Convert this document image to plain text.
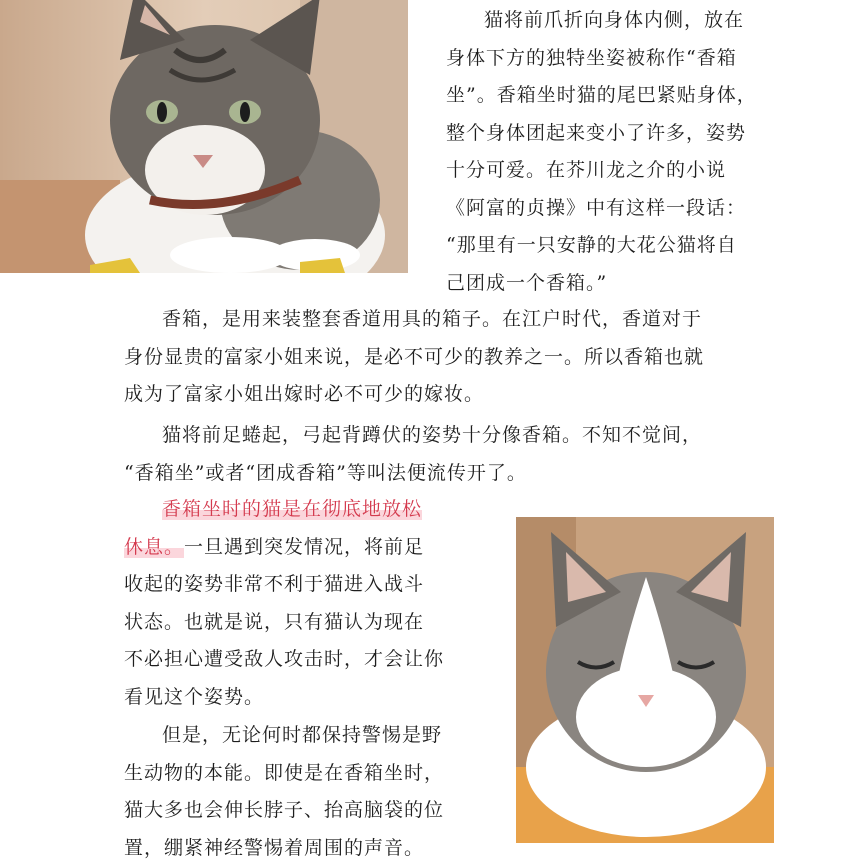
猫将前爪折向身体内侧，放在
身体下方的独特坐姿被称作“香箱
坐”。香箱坐时猫的尾巴紧贴身体，
整个身体团起来变小了许多，姿势
十分可爱。在芥川龙之介的小说
《阿富的贞操》中有这样一段话：
“那里有一只安静的大花公猫将自
己团成一个香箱。”
香箱，是用来装整套香道用具的箱子。在江户时代，香道对于
身份显贵的富家小姐来说，是必不可少的教养之一。所以香箱也就
成为了富家小姐出嫁时必不可少的嫁妆。
猫将前足蜷起，弓起背蹲伏的姿势十分像香箱。不知不觉间，
“香箱坐”或者“团成香箱”等叫法便流传开了。
香箱坐时的猫是在彻底地放松
休息。一旦遇到突发情况，将前足
收起的姿势非常不利于猫进入战斗
状态。也就是说，只有猫认为现在
不必担心遭受敌人攻击时，才会让你
看见这个姿势。
但是，无论何时都保持警惕是野
生动物的本能。即使是在香箱坐时，
猫大多也会伸长脖子、抬高脑袋的位
置，绷紧神经警惕着周围的声音。
